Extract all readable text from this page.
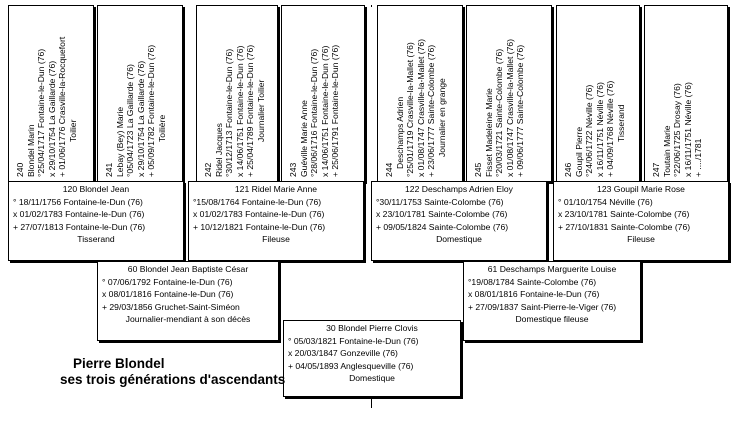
240 Blondel Marin °25/04/1717 Fontaine-le-Dun (76) x 29/10/1754 La Gaillarde (76) + 01/06/1776 Crasville-la-Rocquefort Toilier
241 Lebay (Bey) Marie °05/04/1723 La Gaillarde (76) x 29/10/1754 La Gaillarde (76) + 05/09/1782 Fontaine-le-Dun (76) Toilière
242 Ridel Jacques °30/12/1713 Fontaine-le-Dun (76) x 14/06/1751 Fontaine-le-Dun (76) + 25/04/1789 Fontaine-le-Dun (76) Journalier Toilier
243 Guéville Marie Anne °28/06/1716 Fontaine-le-Dun (76) x 14/06/1751 Fontaine-le-Dun (76) + 25/06/1791 Fontaine-le-Dun (76)	244
Deschamps Adrien °25/01/1719 Crasville-la-Mallet (76) x 01/08/1747 Crasville-la-Mallet (76) + 23/06/1777 Sainte-Colombe (76) Journalier en grange
245 Fisset Madeleine Marie °20/03/1721 Sainte-Colombe (76) x 01/08/1747 Crasville-la-Mallet (76) + 09/06/1777 Sainte-Colombe (76)	246 Goupil Pierre °24/06/1722 Néville (76) x 16/11/1751 Néville (76) + 04/09/1768 Néville (76) Tisserand
247 Toutain Marie °22/06/1725 Drosay (76) x 16/11/1751 Néville (76) + ..../1781
120 Blondel Jean
° 18/11/1756 Fontaine-le-Dun (76)
x 01/02/1783 Fontaine-le-Dun (76)
+ 27/07/1813 Fontaine-le-Dun (76)
Tisserand
121 Ridel Marie Anne
°15/08/1764 Fontaine-le-Dun (76)
x 01/02/1783 Fontaine-le-Dun (76)
+ 10/12/1821 Fontaine-le-Dun (76)
Fileuse
122 Deschamps Adrien Eloy
°30/11/1753 Sainte-Colombe (76)
x 23/10/1781 Sainte-Colombe (76)
+ 09/05/1824 Sainte-Colombe (76)
Domestique
123 Goupil Marie Rose
° 01/10/1754 Néville (76)
x 23/10/1781 Sainte-Colombe (76)
+ 27/10/1831 Sainte-Colombe (76)
Fileuse
60 Blondel Jean Baptiste César
° 07/06/1792 Fontaine-le-Dun (76)
x 08/01/1816 Fontaine-le-Dun (76)
+ 29/03/1856 Gruchet-Saint-Siméon
Journalier-mendiant à son décès
61 Deschamps Marguerite Louise
°19/08/1784 Sainte-Colombe (76)
x 08/01/1816 Fontaine-le-Dun (76)
+ 27/09/1837 Saint-Pierre-le-Viger (76)
Domestique fileuse
30 Blondel Pierre Clovis
° 05/03/1821 Fontaine-le-Dun (76)
x 20/03/1847 Gonzeville (76)
+ 04/05/1893 Anglesqueville (76)
Domestique
Pierre Blondel
ses trois générations d'ascendants
